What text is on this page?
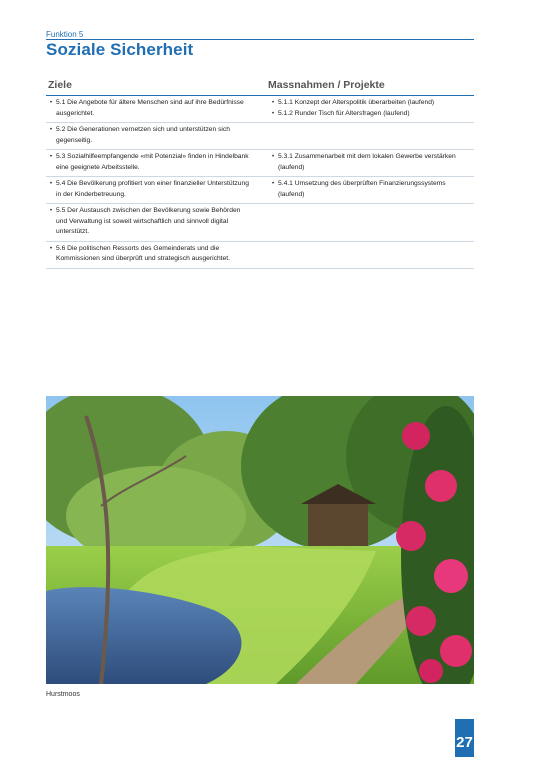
Funktion 5
Soziale Sicherheit
Ziele	Massnahmen / Projekte
• 5.1 Die Angebote für ältere Menschen sind auf ihre Bedürfnisse ausgerichtet.
• 5.1.1 Konzept der Alterspolitik überarbeiten (laufend)
• 5.1.2 Runder Tisch für Altersfragen (laufend)
• 5.2 Die Generationen vernetzen sich und unterstützen sich gegenseitig.
• 5.3 Sozialhilfeempfangende «mit Potenzial» finden in Hindelbank eine geeignete Arbeitsstelle.
• 5.3.1 Zusammenarbeit mit dem lokalen Gewerbe verstärken (laufend)
• 5.4 Die Bevölkerung profitiert von einer finanzieller Unterstützung in der Kinderbetreuung.
• 5.4.1 Umsetzung des überprüften Finanzierungssystems (laufend)
• 5.5 Der Austausch zwischen der Bevölkerung sowie Behörden und Verwaltung ist soweit wirtschaftlich und sinnvoll digital unterstützt.
• 5.6 Die politischen Ressorts des Gemeinderats und die Kommissionen sind überprüft und strategisch ausgerichtet.
Hurstmoos
27
